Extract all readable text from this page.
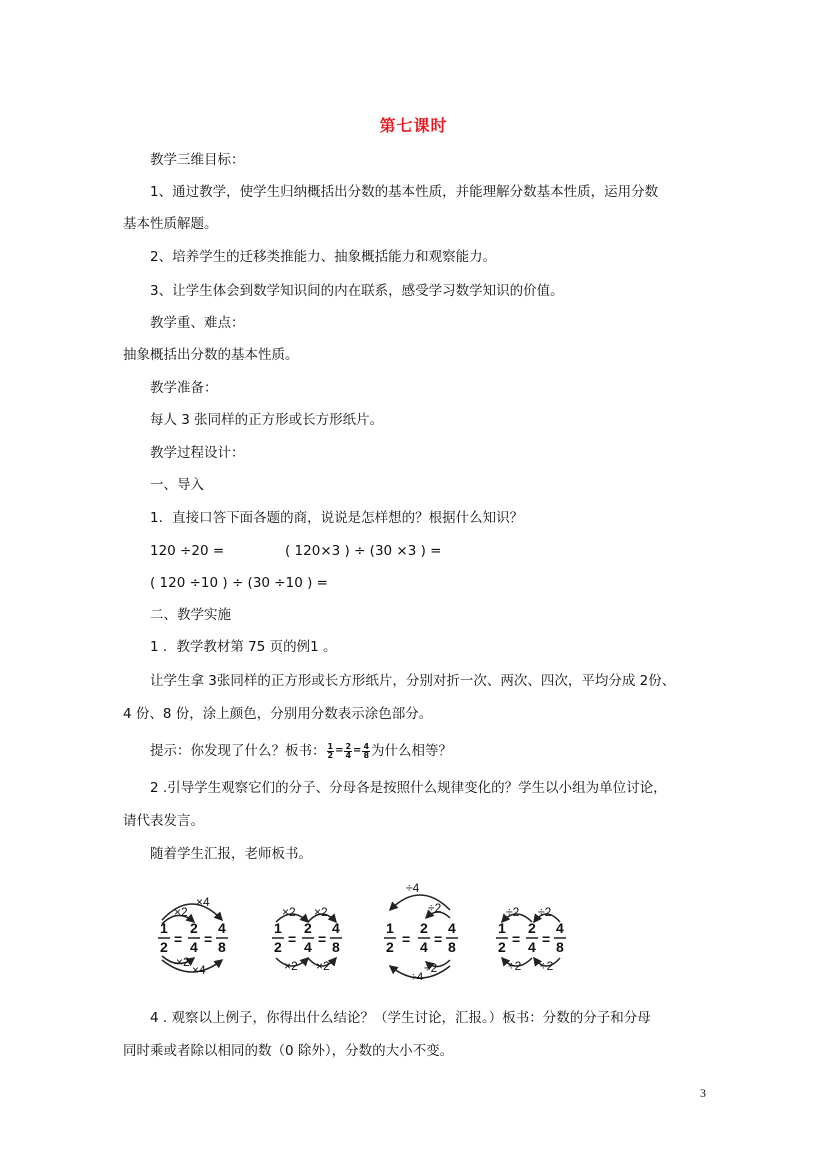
第七课时
教学三维目标：
1、通过教学，使学生归纳概括出分数的基本性质，并能理解分数基本性质，运用分数
基本性质解题。
2、培养学生的迁移类推能力、抽象概括能力和观察能力。
3、让学生体会到数学知识间的内在联系，感受学习数学知识的价值。
教学重、难点：
抽象概括出分数的基本性质。
教学准备：
每人 3 张同样的正方形或长方形纸片。
教学过程设计：
一、导入
1．直接口答下面各题的商，说说是怎样想的？根据什么知识？
120 ÷20 =	( 120×3 ) ÷ (30 ×3 ) =
( 120 ÷10 ) ÷ (30 ÷10 ) =
二、教学实施
1 ．教学教材第 75 页的例1 。
让学生拿 3张同样的正方形或长方形纸片，分别对折一次、两次、四次，平均分成 2份、
4 份、8 份，涂上颜色，分别用分数表示涂色部分。
提示：你发现了什么？板书： $\frac{1}{2} = \frac{2}{4} = \frac{4}{8}$ 为什么相等？
2 .引导学生观察它们的分子、分母各是按照什么规律变化的？学生以小组为单位讨论，
请代表发言。
随着学生汇报，老师板书。
1
2 =
2
4 =
4
8
×4
×2
×2
×4
1
2 =
2
4 =
4
8
×2 ×2
×2 ×2
1
2 =
2
4 =
4
8
÷4
÷2
÷2
÷4
1
2 =
2
4 =
4
8
÷2 ÷2
÷2 ÷2
4 . 观察以上例子，你得出什么结论？（学生讨论，汇报。）板书：分数的分子和分母
同时乘或者除以相同的数（0 除外），分数的大小不变。
3
